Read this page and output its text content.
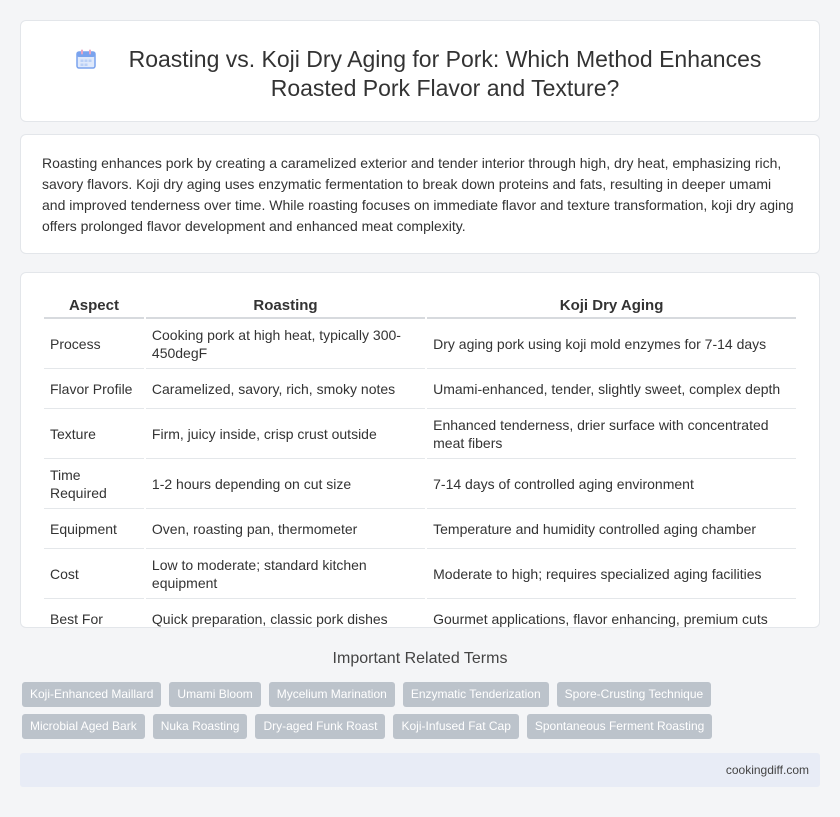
Roasting vs. Koji Dry Aging for Pork: Which Method Enhances Roasted Pork Flavor and Texture?

Roasting enhances pork by creating a caramelized exterior and tender interior through high, dry heat, emphasizing rich, savory flavors. Koji dry aging uses enzymatic fermentation to break down proteins and fats, resulting in deeper umami and improved tenderness over time. While roasting focuses on immediate flavor and texture transformation, koji dry aging offers prolonged flavor development and enhanced meat complexity.

Aspect	Roasting	Koji Dry Aging
Process	Cooking pork at high heat, typically 300-450degF	Dry aging pork using koji mold enzymes for 7-14 days
Flavor Profile	Caramelized, savory, rich, smoky notes	Umami-enhanced, tender, slightly sweet, complex depth
Texture	Firm, juicy inside, crisp crust outside	Enhanced tenderness, drier surface with concentrated meat fibers
Time Required	1-2 hours depending on cut size	7-14 days of controlled aging environment
Equipment	Oven, roasting pan, thermometer	Temperature and humidity controlled aging chamber
Cost	Low to moderate; standard kitchen equipment	Moderate to high; requires specialized aging facilities
Best For	Quick preparation, classic pork dishes	Gourmet applications, flavor enhancing, premium cuts
Important Related Terms
Koji-Enhanced Maillard	Umami Bloom	Mycelium Marination	Enzymatic Tenderization	Spore-Crusting Technique
Microbial Aged Bark	Nuka Roasting	Dry-aged Funk Roast	Koji-Infused Fat Cap	Spontaneous Ferment Roasting
cookingdiff.com
